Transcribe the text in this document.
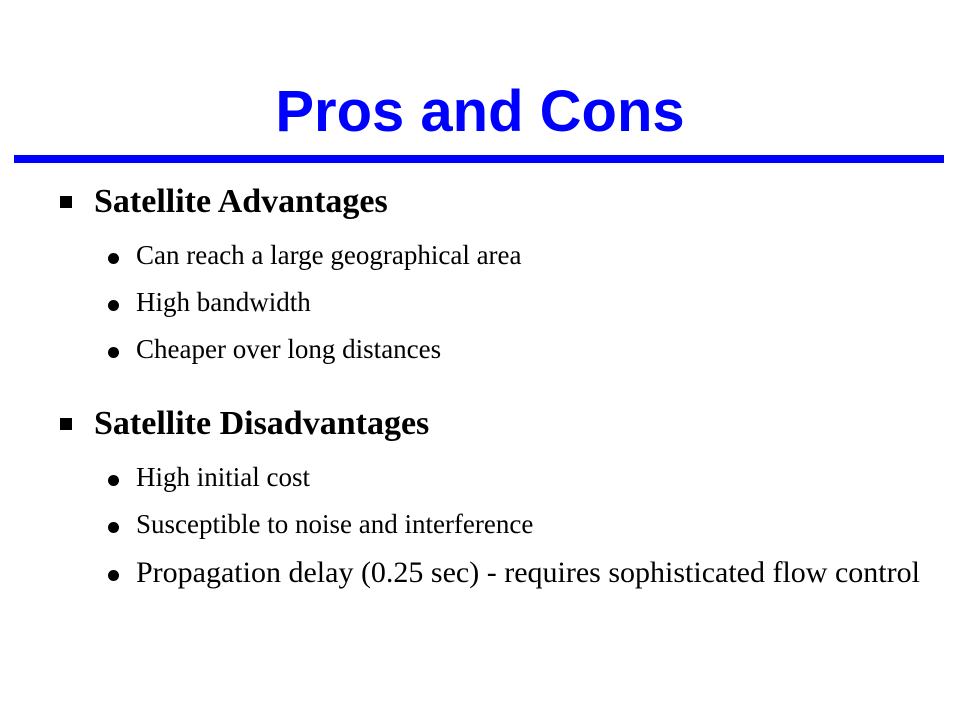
Pros and Cons
Satellite Advantages
Can reach a large geographical area
High bandwidth
Cheaper over long distances
Satellite Disadvantages
High initial cost
Susceptible to noise and interference
Propagation delay (0.25 sec) - requires sophisticated flow control
